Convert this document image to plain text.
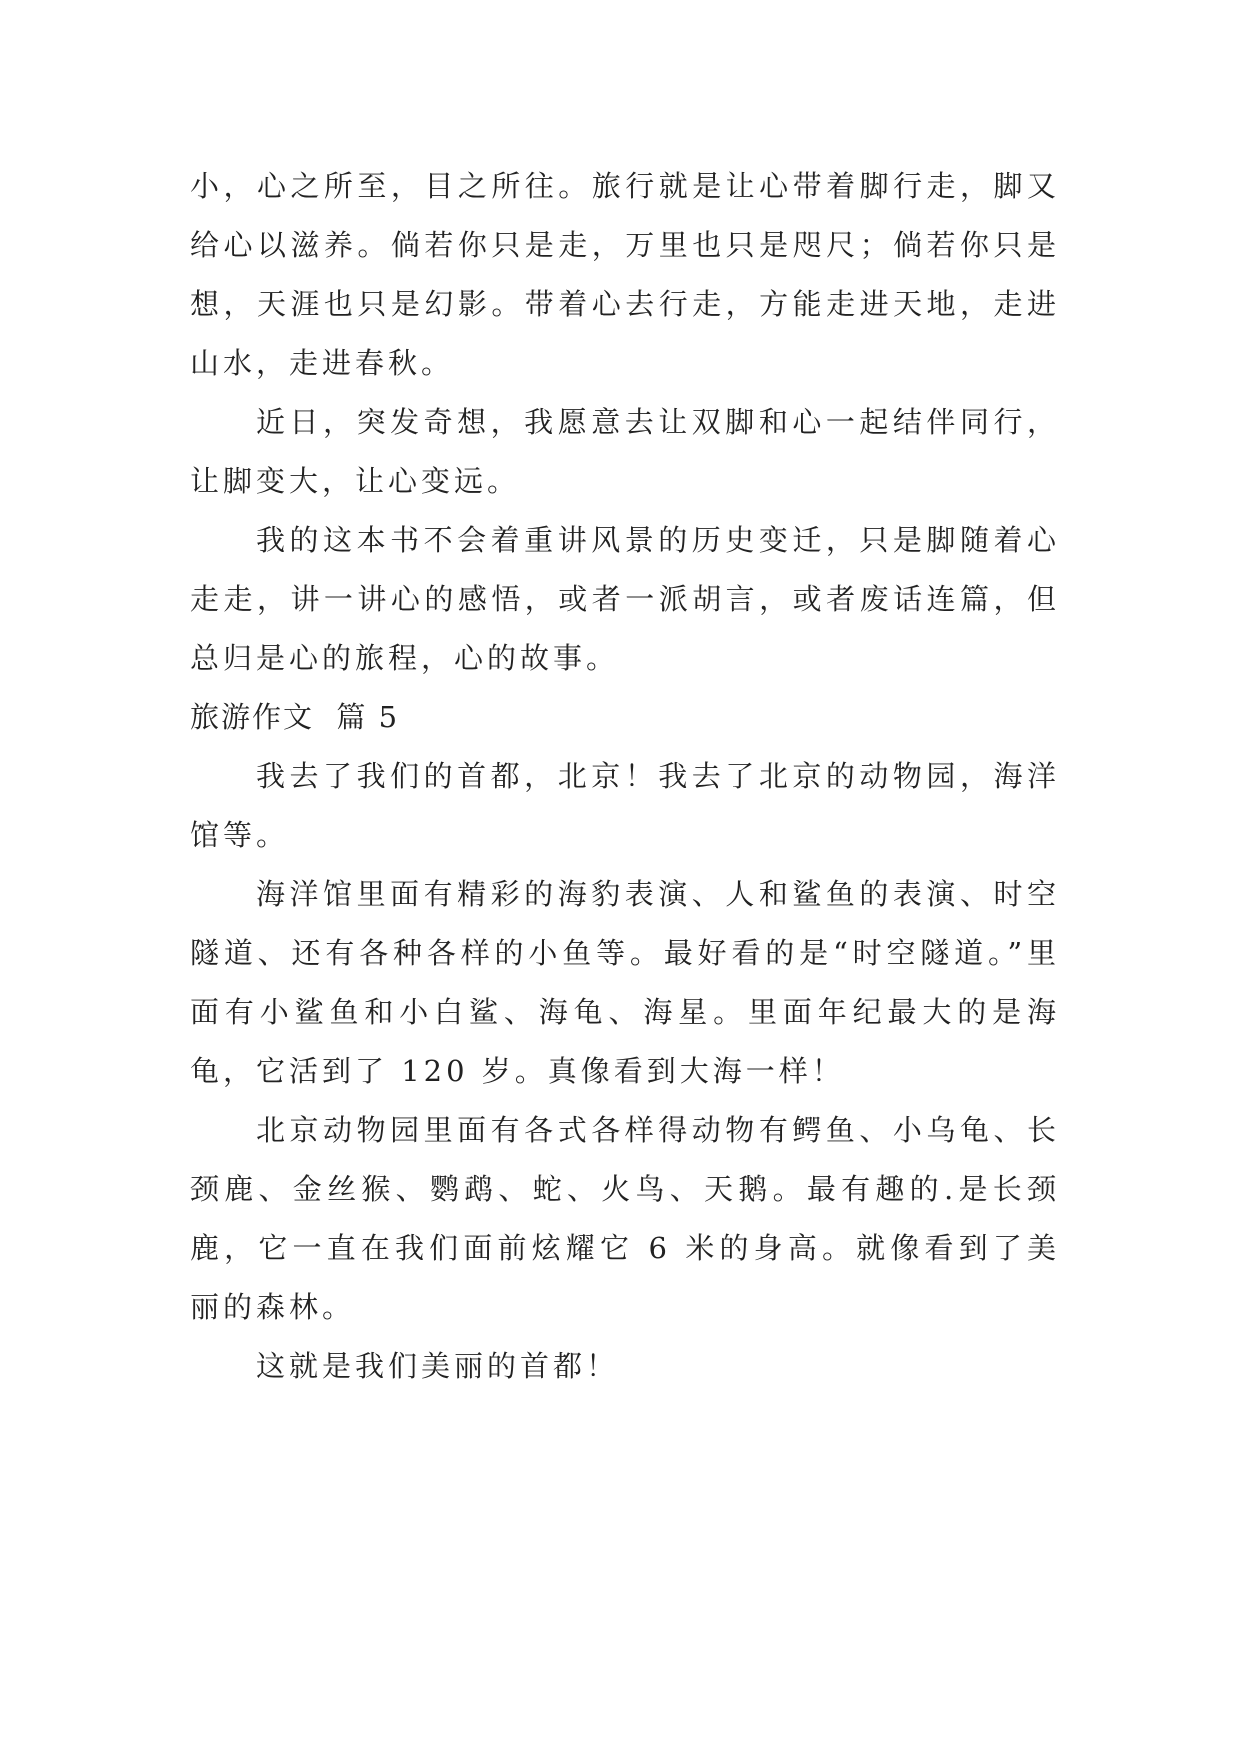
小，心之所至，目之所往。旅行就是让心带着脚行走，脚又给心以滋养。倘若你只是走，万里也只是咫尺；倘若你只是想，天涯也只是幻影。带着心去行走，方能走进天地，走进山水，走进春秋。

近日，突发奇想，我愿意去让双脚和心一起结伴同行，让脚变大，让心变远。

我的这本书不会着重讲风景的历史变迁，只是脚随着心走走，讲一讲心的感悟，或者一派胡言，或者废话连篇，但总归是心的旅程，心的故事。

旅游作文  篇 5

我去了我们的首都，北京！我去了北京的动物园，海洋馆等。

海洋馆里面有精彩的海豹表演、人和鲨鱼的表演、时空隧道、还有各种各样的小鱼等。最好看的是“时空隧道。”里面有小鲨鱼和小白鲨、海龟、海星。里面年纪最大的是海龟，它活到了 120 岁。真像看到大海一样！

北京动物园里面有各式各样得动物有鳄鱼、小乌龟、长颈鹿、金丝猴、鹦鹉、蛇、火鸟、天鹅。最有趣的.是长颈鹿，它一直在我们面前炫耀它 6 米的身高。就像看到了美丽的森林。

这就是我们美丽的首都！
